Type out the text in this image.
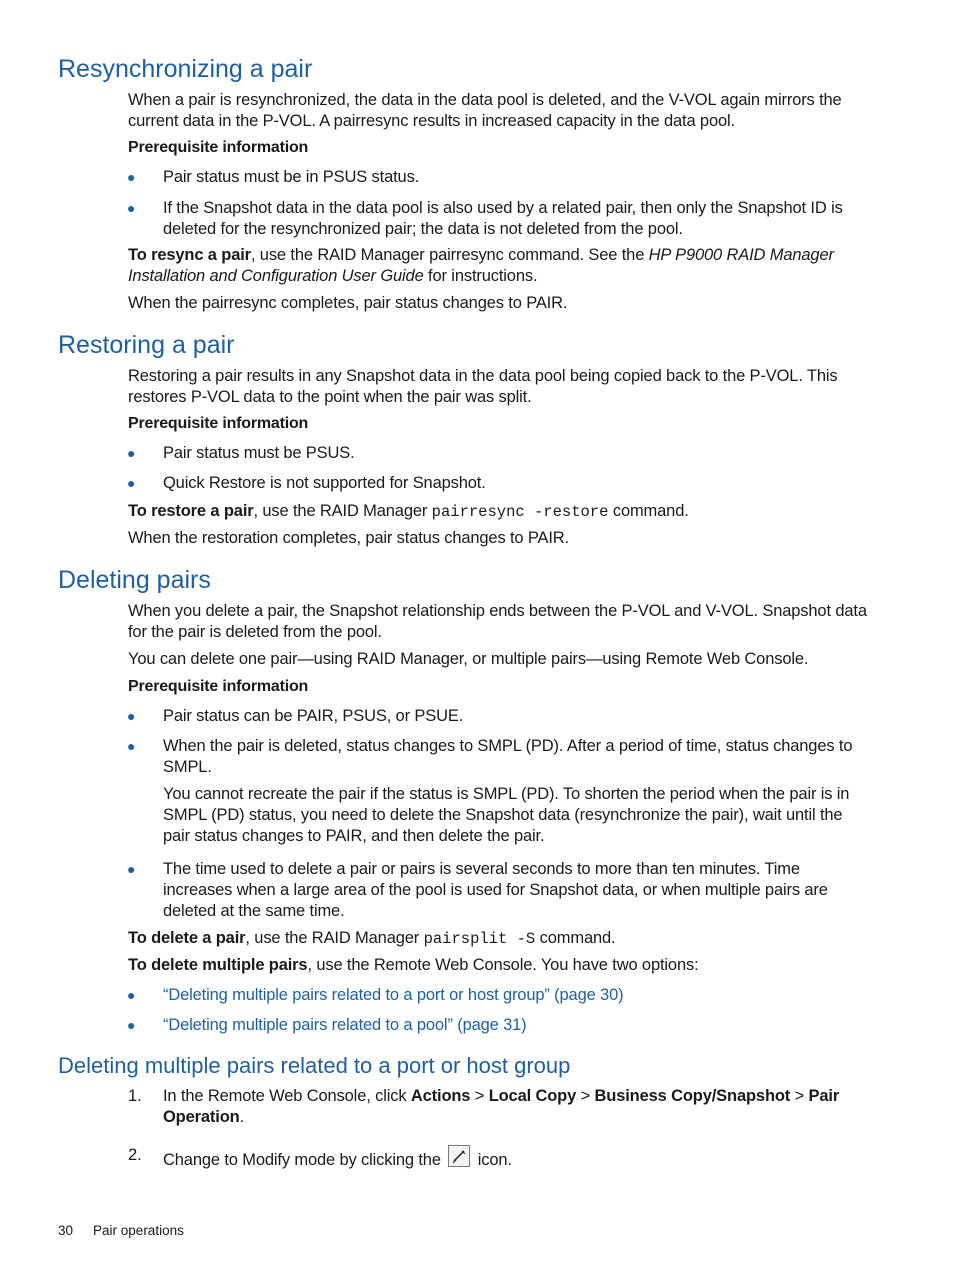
Resynchronizing a pair

When a pair is resynchronized, the data in the data pool is deleted, and the V-VOL again mirrors the current data in the P-VOL. A pairresync results in increased capacity in the data pool.

Prerequisite information

● Pair status must be in PSUS status.

● If the Snapshot data in the data pool is also used by a related pair, then only the Snapshot ID is deleted for the resynchronized pair; the data is not deleted from the pool.

To resync a pair, use the RAID Manager pairresync command. See the HP P9000 RAID Manager Installation and Configuration User Guide for instructions.

When the pairresync completes, pair status changes to PAIR.

Restoring a pair

Restoring a pair results in any Snapshot data in the data pool being copied back to the P-VOL. This restores P-VOL data to the point when the pair was split.

Prerequisite information

● Pair status must be PSUS.

● Quick Restore is not supported for Snapshot.

To restore a pair, use the RAID Manager pairresync -restore command.

When the restoration completes, pair status changes to PAIR.

Deleting pairs

When you delete a pair, the Snapshot relationship ends between the P-VOL and V-VOL. Snapshot data for the pair is deleted from the pool.

You can delete one pair—using RAID Manager, or multiple pairs—using Remote Web Console.

Prerequisite information

● Pair status can be PAIR, PSUS, or PSUE.

● When the pair is deleted, status changes to SMPL (PD). After a period of time, status changes to SMPL.

You cannot recreate the pair if the status is SMPL (PD). To shorten the period when the pair is in SMPL (PD) status, you need to delete the Snapshot data (resynchronize the pair), wait until the pair status changes to PAIR, and then delete the pair.

● The time used to delete a pair or pairs is several seconds to more than ten minutes. Time increases when a large area of the pool is used for Snapshot data, or when multiple pairs are deleted at the same time.

To delete a pair, use the RAID Manager pairsplit -S command.

To delete multiple pairs, use the Remote Web Console. You have two options:

● “Deleting multiple pairs related to a port or host group” (page 30)

● “Deleting multiple pairs related to a pool” (page 31)

Deleting multiple pairs related to a port or host group
1. In the Remote Web Console, click Actions > Local Copy > Business Copy/Snapshot > Pair Operation.

2. Change to Modify mode by clicking the icon.

30 Pair operations
